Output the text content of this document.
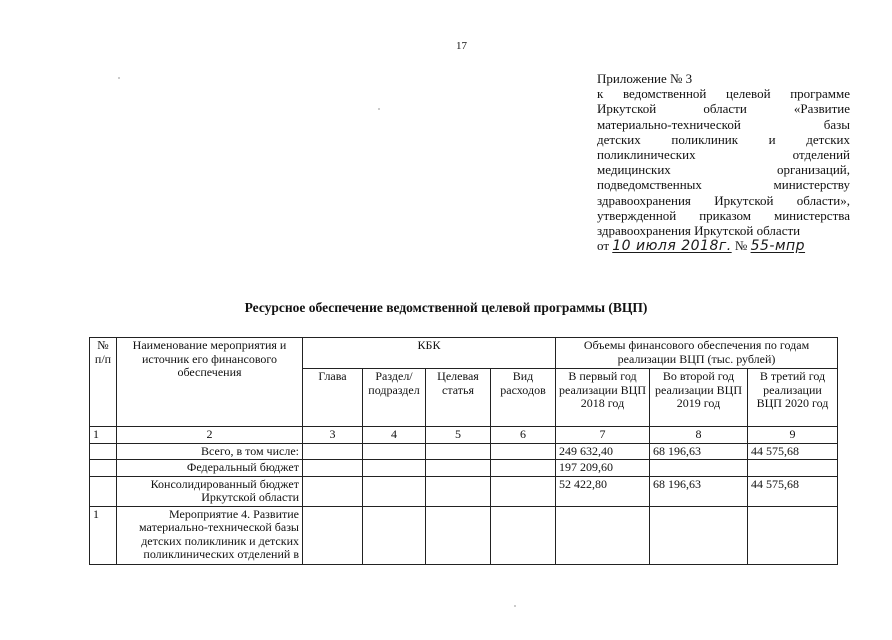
17

Приложение № 3

к ведомственной целевой программе
Иркутской области «Развитие
материально-технической базы
детских поликлиник и детских
поликлинических отделений
медицинских организаций,
подведомственных министерству
здравоохранения Иркутской области»,
утвержденной приказом министерства
здравоохранения Иркутской области
от 10 июля 2018г. № 55-мпр
Ресурсное обеспечение ведомственной целевой программы (ВЦП)
№ п/п	Наименование мероприятия и источник его финансового обеспечения	КБК				Объемы финансового обеспечения по годам реализации ВЦП (тыс. рублей)		
		Глава	Раздел/ подраздел	Целевая статья	Вид расходов	В первый год реализации ВЦП 2018 год	Во второй год реализации ВЦП 2019 год	В третий год реализации ВЦП 2020 год
1	2	3	4	5	6	7	8	9
	Всего, в том числе:					249 632,40	68 196,63	44 575,68
	Федеральный бюджет					197 209,60		
	Консолидированный бюджет Иркутской области					52 422,80	68 196,63	44 575,68
1	Мероприятие 4. Развитие материально-технической базы детских поликлиник и детских поликлинических отделений в							
